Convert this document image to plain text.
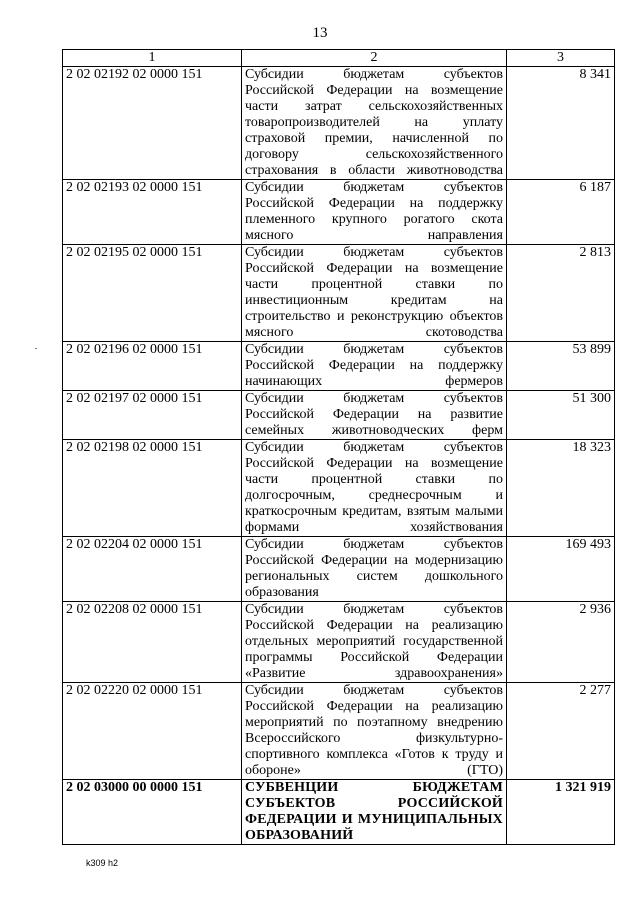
13
1	2	3
2 02 02192 02 0000 151	Субсидии бюджетам субъектов Российской Федерации на возмещение части затрат сельскохозяйственных товаропроизводителей на уплату страховой премии, начисленной по договору сельскохозяйственного страхования в области животноводства	8 341
2 02 02193 02 0000 151	Субсидии бюджетам субъектов Российской Федерации на поддержку племенного крупного рогатого скота мясного направления	6 187
2 02 02195 02 0000 151	Субсидии бюджетам субъектов Российской Федерации на возмещение части процентной ставки по инвестиционным кредитам на строительство и реконструкцию объектов мясного скотоводства	2 813
2 02 02196 02 0000 151	Субсидии бюджетам субъектов Российской Федерации на поддержку начинающих фермеров	53 899
2 02 02197 02 0000 151	Субсидии бюджетам субъектов Российской Федерации на развитие семейных животноводческих ферм	51 300
2 02 02198 02 0000 151	Субсидии бюджетам субъектов Российской Федерации на возмещение части процентной ставки по долгосрочным, среднесрочным и краткосрочным кредитам, взятым малыми формами хозяйствования	18 323
2 02 02204 02 0000 151	Субсидии бюджетам субъектов Российской Федерации на модернизацию региональных систем дошкольного образования	169 493
2 02 02208 02 0000 151	Субсидии бюджетам субъектов Российской Федерации на реализацию отдельных мероприятий государственной программы Российской Федерации «Развитие здравоохранения»	2 936
2 02 02220 02 0000 151	Субсидии бюджетам субъектов Российской Федерации на реализацию мероприятий по поэтапному внедрению Всероссийского физкультурно-спортивного комплекса «Готов к труду и обороне» (ГТО)	2 277
2 02 03000 00 0000 151	СУБВЕНЦИИ БЮДЖЕТАМ СУБЪЕКТОВ РОССИЙСКОЙ ФЕДЕРАЦИИ И МУНИЦИПАЛЬНЫХ ОБРАЗОВАНИЙ	1 321 919
k309 h2
